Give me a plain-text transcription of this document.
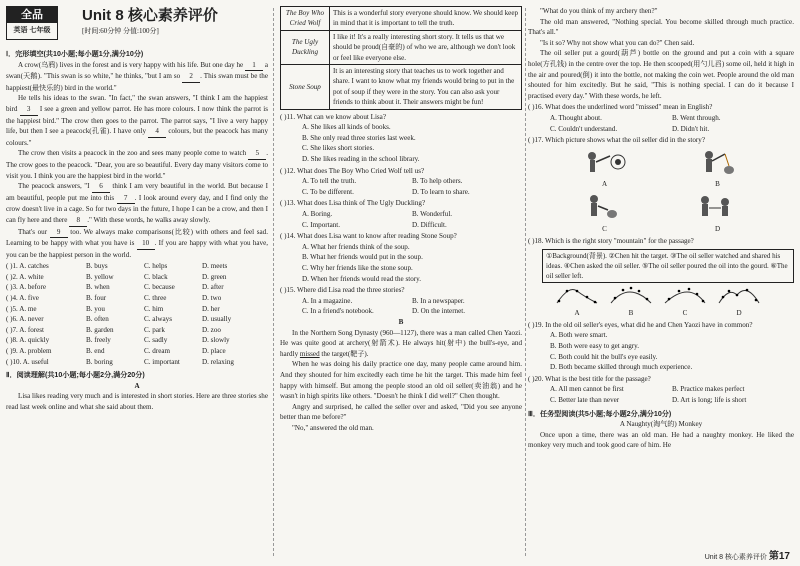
全品
英语 七年级
Unit 8 核心素养评价
[时间:60分钟 分值:100分]
Ⅰ．完形填空(共10小题;每小题1分,满分10分)

A crow(乌鸦) lives in the forest and is very happy with his life. But one day he 1 a swan(天鹅). "This swan is so white," he thinks, "but I am so 2 . This swan must be the happiest(最快乐的) bird in the world."

He tells his ideas to the swan. "In fact," the swan answers, "I think I am the happiest bird 3 I see a green and yellow parrot. He has more colours. I now think the parrot is the happiest bird." The crow then goes to the parrot. The parrot says, "I live a very happy life, but then I see a peacock(孔雀). I have only 4 colours, but the peacock has many colours."

The crow then visits a peacock in the zoo and sees many people come to watch 5 . The crow goes to the peacock. "Dear, you are so beautiful. Every day many visitors come to visit you. I think you are the happiest bird in the world."

The peacock answers, "I 6 think I am very beautiful in the world. But because I am beautiful, people put me into this 7 . I look around every day, and I find only the crow doesn't live in a cage. So for two days in the future, I hope I can be a crow, and then I can fly here and there 8 ." With these words, he walks away slowly.

That's our 9 too. We always make comparisons(比较) with others and feel sad. Learning to be happy with what you have is 10 . If you are happy with what you have, you can be the happiest person in the world.

( )1. A. catches	B. buys	C. helps	D. meets
( )2. A. white	B. yellow	C. black	D. green
( )3. A. before	B. when	C. because	D. after
( )4. A. five	B. four	C. three	D. two
( )5. A. me	B. you	C. him	D. her
( )6. A. never	B. often	C. always	D. usually
( )7. A. forest	B. garden	C. park	D. zoo
( )8. A. quickly	B. freely	C. sadly	D. slowly
( )9. A. problem	B. end	C. dream	D. place
( )10. A. useful	B. boring	C. important	D. relaxing
Ⅱ．阅读理解(共10小题;每小题2分,满分20分)
A

Lisa likes reading very much and is interested in short stories. Here are three stories she read last week online and what she said about them.

The Boy Who Cried Wolf	This is a wonderful story everyone should know. We should keep in mind that it is important to tell the truth.
The Ugly Duckling	I like it! It's a really interesting short story. It tells us that we should be proud(自豪的) of who we are, although we don't look or feel like everyone else.
Stone Soup	It is an interesting story that teaches us to work together and share. I want to know what my friends would bring to put in the pot of soup if they were in the story. You can also ask your friends to think about it. Their answers might be fun!
( )11. What can we know about Lisa?
A. She likes all kinds of books.
B. She only read three stories last week.
C. She likes short stories.
D. She likes reading in the school library.
( )12. What does The Boy Who Cried Wolf tell us?
A. To tell the truth.	B. To help others.
C. To be different.	D. To learn to share.
( )13. What does Lisa think of The Ugly Duckling?
A. Boring.	B. Wonderful.
C. Important.	D. Difficult.
( )14. What does Lisa want to know after reading Stone Soup?
A. What her friends think of the soup.
B. What her friends would put in the soup.
C. Why her friends like the stone soup.
D. When her friends would read the story.
( )15. Where did Lisa read the three stories?
A. In a magazine.	B. In a newspaper.
C. In a friend's notebook.	D. On the internet.
B

In the Northern Song Dynasty (960—1127), there was a man called Chen Yaozi. He was quite good at archery(射箭术). He always hit(射中) the bull's-eye, and hardly missed the target(靶子).

When he was doing his daily practice one day, many people came around him. And they shouted for him excitedly each time he hit the target. This made him feel happy with himself. But among the people stood an old oil seller(卖油翁) and he wasn't in high spirits like others. "Doesn't he think I did well?" Chen thought.

Angry and surprised, he called the seller over and asked, "Did you see anyone better than me before?"

"No," answered the old man.

"What do you think of my archery then?"

The old man answered, "Nothing special. You become skilled through much practice. That's all."

"Is it so? Why not show what you can do?" Chen said.

The oil seller put a gourd(葫芦) bottle on the ground and put a coin with a square hole(方孔钱) in the centre over the top. He then scooped(用勺儿舀) some oil, held it high in the air and poured(倒) it into the bottle, not making the coin wet. People around the old man shouted for him excitedly. But he said, "This is nothing special. I can do it because I practised every day." With these words, he left.

( )16. What does the underlined word "missed" mean in English?
A. Thought about.	B. Went through.
C. Couldn't understand.	D. Didn't hit.
( )17. Which picture shows what the oil seller did in the story?
A	B
C	D
( )18. Which is the right story "mountain" for the passage?
①Background(背景). ②Chen hit the target. ③The oil seller watched and shared his ideas. ④Chen asked the oil seller. ⑤The oil seller poured the oil into the gourd. ⑥The oil seller left.
A	B	C	D
( )19. In the old oil seller's eyes, what did he and Chen Yaozi have in common?
A. Both were smart.
B. Both were easy to get angry.
C. Both could hit the bull's eye easily.
D. Both became skilled through much experience.
( )20. What is the best title for the passage?
A. All men cannot be first	B. Practice makes perfect
C. Better late than never	D. Art is long; life is short
Ⅲ．任务型阅读(共5小题;每小题2分,满分10分)
A Naughty(淘气的) Monkey

Once upon a time, there was an old man. He had a naughty monkey. He liked the monkey very much and took good care of him. He

Unit 8 核心素养评价 第17
